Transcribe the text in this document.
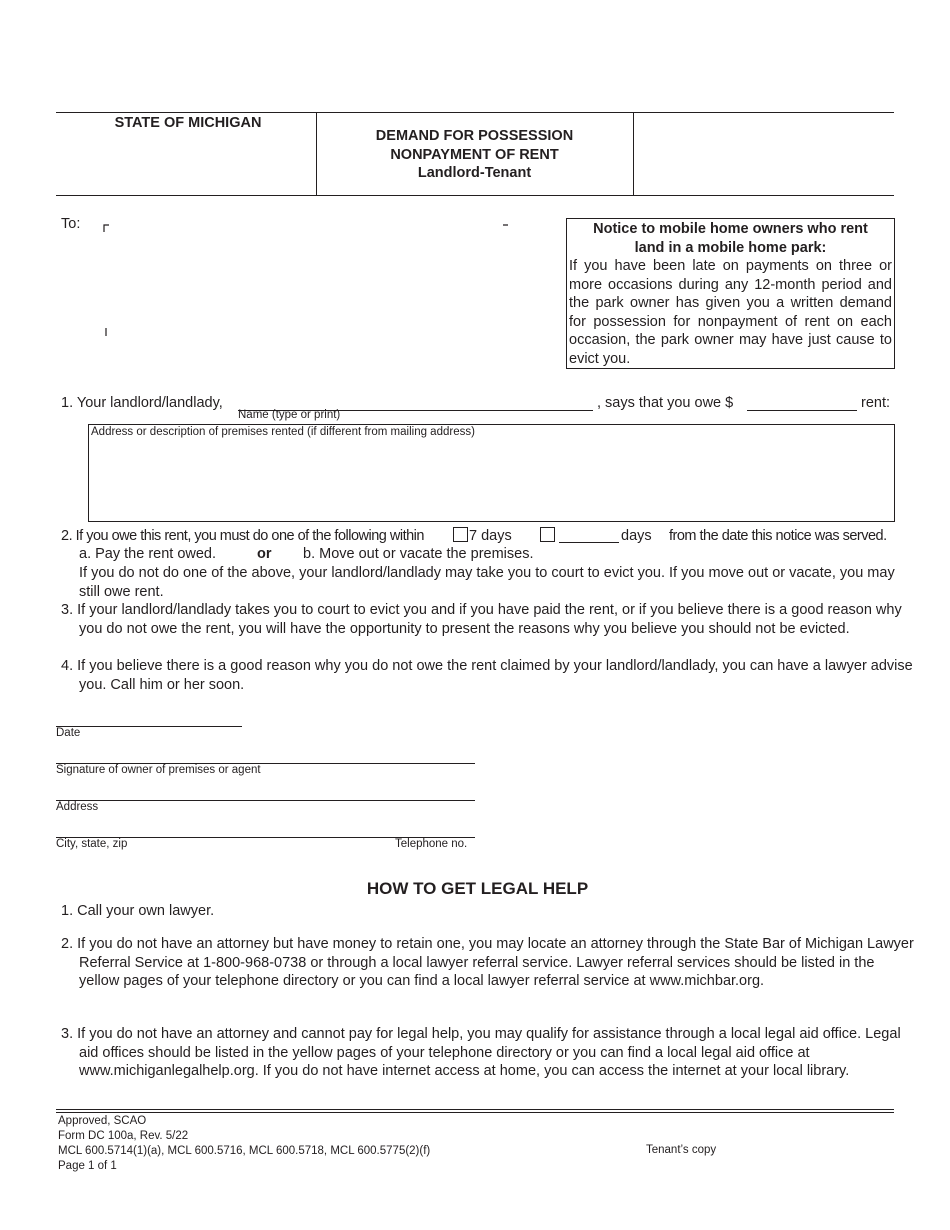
STATE OF MICHIGAN
DEMAND FOR POSSESSION
NONPAYMENT OF RENT
Landlord-Tenant
To:	Notice to mobile home owners who rent
land in a mobile home park:
If you have been late on payments on three or more occasions during any 12-month period and the park owner has given you a written demand for possession for nonpayment of rent on each occasion, the park owner may have just cause to evict you.
1. Your landlord/landlady,	, says that you owe $	rent:
Name (type or print)
Address or description of premises rented (if different from mailing address)
2. If you owe this rent, you must do one of the following within	7 days	days from the date this notice was served.
a. Pay the rent owed.	or b. Move out or vacate the premises.
If you do not do one of the above, your landlord/landlady may take you to court to evict you. If you move out or vacate, you may still owe rent.
3. If your landlord/landlady takes you to court to evict you and if you have paid the rent, or if you believe there is a good reason why you do not owe the rent, you will have the opportunity to present the reasons why you believe you should not be evicted.
4. If you believe there is a good reason why you do not owe the rent claimed by your landlord/landlady, you can have a lawyer advise you. Call him or her soon.
Date
Signature of owner of premises or agent
Address
City, state, zip	Telephone no.
HOW TO GET LEGAL HELP
1. Call your own lawyer.
2. If you do not have an attorney but have money to retain one, you may locate an attorney through the State Bar of Michigan Lawyer Referral Service at 1-800-968-0738 or through a local lawyer referral service. Lawyer referral services should be listed in the yellow pages of your telephone directory or you can find a local lawyer referral service at www.michbar.org.
3. If you do not have an attorney and cannot pay for legal help, you may qualify for assistance through a local legal aid office. Legal aid offices should be listed in the yellow pages of your telephone directory or you can find a local legal aid office at www.michiganlegalhelp.org. If you do not have internet access at home, you can access the internet at your local library.
Approved, SCAO
Form DC 100a, Rev. 5/22
MCL 600.5714(1)(a), MCL 600.5716, MCL 600.5718, MCL 600.5775(2)(f)
Page 1 of 1
Tenant’s copy
